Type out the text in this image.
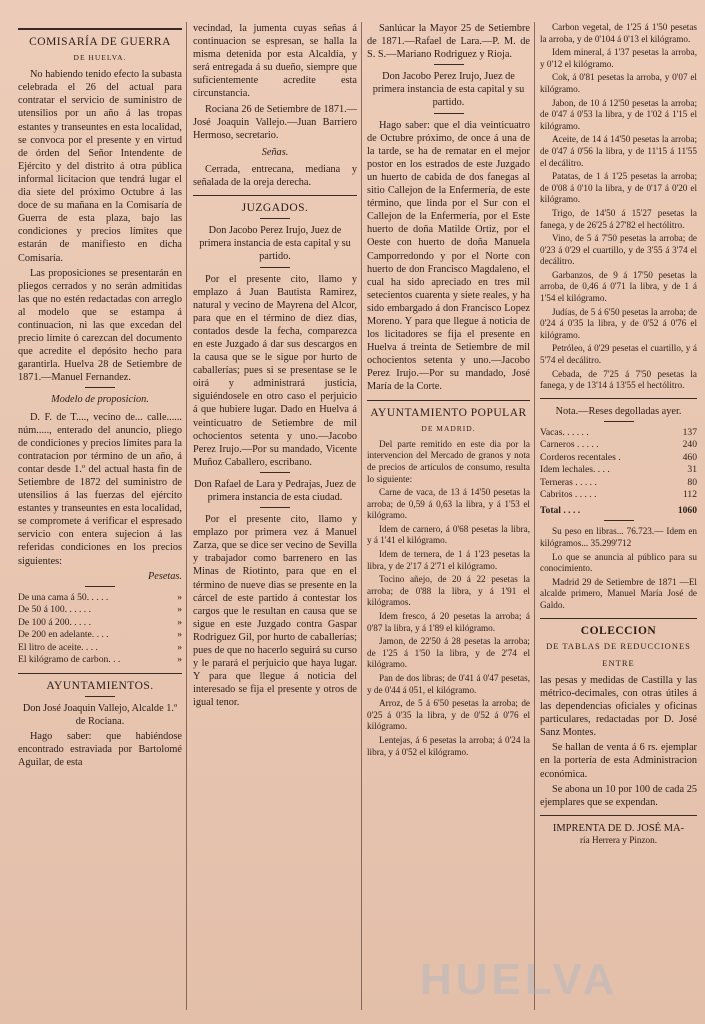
COMISARÍA DE GUERRA
DE HUELVA.

No habiendo tenido efecto la subasta celebrada el 26 del actual para contratar el servicio de suministro de utensilios por un año á las tropas estantes y transeuntes en esta localidad, se convoca por el presente y en virtud de órden del Señor Intendente de Ejército y del distrito á otra pública informal licitacion que tendrá lugar el dia siete del próximo Octubre á las doce de su mañana en la Comisaría de Guerra de esta plaza, bajo las condiciones y precios límites que estarán de manifiesto en dicha Comisaría.

Las proposiciones se presentarán en pliegos cerrados y no serán admitidas las que no estén redactadas con arreglo al modelo que se estampa á continuacion, ni las que excedan del precio límite ó carezcan del documento que acredite el depósito hecho para garantirla. Huelva 28 de Setiembre de 1871.—Manuel Fernandez.

Modelo de proposicion.

D. F. de T...., vecino de... calle...... núm....., enterado del anuncio, pliego de condiciones y precios límites para la contratacion por término de un año, á contar desde 1.º del actual hasta fin de Setiembre de 1872 del suministro de utensilios á las fuerzas del ejército estantes y transeuntes en esta localidad, se compromete á verificar el espresado servicio con entera sujecion á las referidas condiciones en los precios siguientes:

Pesetas.
De una cama á 50. . . . .	»
De 50 á 100. . . . . .	»
De 100 á 200. . . . .	»
De 200 en adelante. . . .	»
El litro de aceite. . . .	»
El kilógramo de carbon. . .	»
AYUNTAMIENTOS.

Don José Joaquin Vallejo, Alcalde 1.º de Rociana.

Hago saber: que habiéndose encontrado estraviada por Bartolomé Aguilar, de esta

vecindad, la jumenta cuyas señas á continuacion se espresan, se halla la misma detenida por esta Alcaldía, y será entregada á su dueño, siempre que suficientemente acredite esta circunstancia.

Rociana 26 de Setiembre de 1871.—José Joaquin Vallejo.—Juan Barriero Hermoso, secretario.

Señas.

Cerrada, entrecana, mediana y señalada de la oreja derecha.

JUZGADOS.

Don Jacobo Perez Irujo, Juez de primera instancia de esta capital y su partido.

Por el presente cito, llamo y emplazo á Juan Bautista Ramirez, natural y vecino de Mayrena del Alcor, para que en el término de diez dias, contados desde la fecha, comparezca en este Juzgado á dar sus descargos en la causa que se le sigue por hurto de caballerías; pues si se presentase se le oirá y administrará justicia, siguiéndosele en otro caso el perjuicio á que hubiere lugar. Dado en Huelva á veinticuatro de Setiembre de mil ochocientos setenta y uno.—Jacobo Perez Irujo.—Por su mandado, Vicente Muñoz Caballero, escribano.

Don Rafael de Lara y Pedrajas, Juez de primera instancia de esta ciudad.

Por el presente cito, llamo y emplazo por primera vez á Manuel Zarza, que se dice ser vecino de Sevilla y trabajador como barrenero en las Minas de Riotinto, para que en el término de nueve dias se presente en la cárcel de este partido á contestar los cargos que le resultan en causa que se sigue en este Juzgado contra Gaspar Rodriguez Gil, por hurto de caballerías; pues de que no hacerlo seguirá su curso y le parará el perjuicio que haya lugar. Y para que llegue á noticia del interesado se fija el presente y otros de igual tenor.

Sanlúcar la Mayor 25 de Setiembre de 1871.—Rafael de Lara.—P. M. de S. S.—Mariano Rodriguez y Rioja.

Don Jacobo Perez Irujo, Juez de primera instancia de esta capital y su partido.

Hago saber: que el dia veinticuatro de Octubre próximo, de once á una de la tarde, se ha de rematar en el mejor postor en los estrados de este Juzgado un huerto de cabida de dos fanegas al sitio Callejon de la Enfermería, de este término, que linda por el Sur con el Callejon de la Enfermería, por el Este huerto de doña Matilde Ortiz, por el Oeste con huerto de doña Manuela Camporredondo y por el Norte con huerto de don Francisco Magdaleno, el cual ha sido apreciado en tres mil setecientos cuarenta y siete reales, y ha sido embargado á don Francisco Lopez Moreno. Y para que llegue á noticia de los licitadores se fija el presente en Huelva á treinta de Setiembre de mil ochocientos setenta y uno.—Jacobo Perez Irujo.—Por su mandado, José María de la Corte.

AYUNTAMIENTO POPULAR
DE MADRID.

Del parte remitido en este dia por la intervencion del Mercado de granos y nota de precios de artículos de consumo, resulta lo siguiente:

Carne de vaca, de 13 á 14'50 pesetas la arroba; de 0,59 á 0,63 la libra, y á 1'53 el kilógramo.

Idem de carnero, á 0'68 pesetas la libra, y á 1'41 el kilógramo.

Idem de ternera, de 1 á 1'23 pesetas la libra, y de 2'17 á 2'71 el kilógramo.

Tocino añejo, de 20 á 22 pesetas la arroba; de 0'88 la libra, y á 1'91 el kilógramos.

Idem fresco, á 20 pesetas la arroba; á 0'87 la libra, y á 1'89 el kilógramo.

Jamon, de 22'50 á 28 pesetas la arroba; de 1'25 á 1'50 la libra, y de 2'74 el kilógramo.

Pan de dos libras; de 0'41 á 0'47 pesetas, y de 0'44 á 051, el kilógramo.

Arroz, de 5 á 6'50 pesetas la arroba; de 0'25 á 0'35 la libra, y de 0'52 á 0'76 el kilógramo.

Lentejas, á 6 pesetas la arroba; á 0'24 la libra, y á 0'52 el kilógramo.

Carbon vegetal, de 1'25 á 1'50 pesetas la arroba, y de 0'104 á 0'13 el kilógramo.

Idem mineral, á 1'37 pesetas la arroba, y 0'12 el kilógramo.

Cok, á 0'81 pesetas la arroba, y 0'07 el kilógramo.

Jabon, de 10 á 12'50 pesetas la arroba; de 0'47 á 0'53 la libra, y de 1'02 á 1'15 el kilógramo.

Aceite, de 14 á 14'50 pesetas la arroba; de 0'47 á 0'56 la libra, y de 11'15 á 11'55 el decálitro.

Patatas, de 1 á 1'25 pesetas la arroba; de 0'08 á 0'10 la libra, y de 0'17 á 0'20 el kilógramo.

Trigo, de 14'50 á 15'27 pesetas la fanega, y de 26'25 á 27'82 el hectólitro.

Vino, de 5 á 7'50 pesetas la arroba; de 0'23 á 0'29 el cuartillo, y de 3'55 á 3'74 el decálitro.

Garbanzos, de 9 á 17'50 pesetas la arroba, de 0,46 á 0'71 la libra, y de 1 á 1'54 el kilógramo.

Judías, de 5 á 6'50 pesetas la arroba; de 0'24 á 0'35 la libra, y de 0'52 á 0'76 el kilógramo.

Petróleo, á 0'29 pesetas el cuartillo, y á 5'74 el decálitro.

Cebada, de 7'25 á 7'50 pesetas la fanega, y de 13'14 á 13'55 el hectólitro.

Nota.—Reses degolladas ayer.

Vacas. . . . . .	137
Carneros . . . . .	240
Corderos recentales .	460
Idem lechales. . . .	31
Terneras . . . . .	80
Cabritos . . . . .	112
Total . . . .	1060

Su peso en libras... 76.723.— Idem en kilógramos... 35.299'712

Lo que se anuncia al público para su conocimiento.

Madrid 29 de Setiembre de 1871 —El alcalde primero, Manuel María José de Galdo.

COLECCION
DE TABLAS DE REDUCCIONES
ENTRE

las pesas y medidas de Castilla y las métrico-decimales, con otras útiles á las dependencias oficiales y oficinas particulares, redactadas por D. José Sanz Montes.

Se hallan de venta á 6 rs. ejemplar en la portería de esta Administracion económica.

Se abona un 10 por 100 de cada 25 ejemplares que se expendan.

IMPRENTA DE D. JOSÉ MA-
ría Herrera y Pinzon.
HUELVA
